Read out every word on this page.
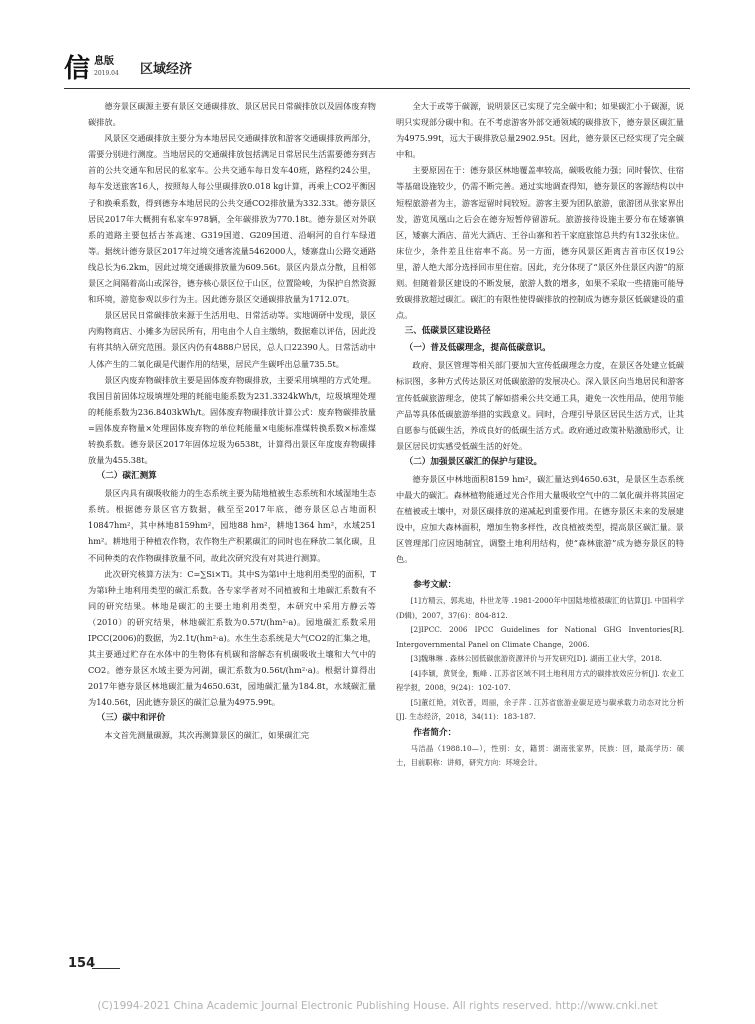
信 息版
2019.04 区域经济

德夯景区碳源主要有景区交通碳排放、景区居民日常碳排放以及固体废弃物碳排放。

风景区交通碳排放主要分为本地居民交通碳排放和游客交通碳排放两部分，需要分别进行测度。当地居民的交通碳排放包括满足日常居民生活需要德夯到吉首的公共交通车和居民的私家车。公共交通车每日发车40班，路程约24公里，每车发送旅客16人，按照每人每公里碳排放0.018 kg计算，再乘上CO2平衡因子和换乘系数，得到德夯本地居民的公共交通CO2排放量为332.33t。德夯景区居民2017年大概拥有私家车978辆，全年碳排放为770.18t。德夯景区对外联系的道路主要包括古茶高速、G319国道、G209国道、沿峒河的自行车绿道等。据统计德夯景区2017年过境交通客流量5462000人，矮寨盘山公路交通路线总长为6.2km，因此过境交通碳排放量为609.56t。景区内景点分散，且相邻景区之间隔着高山或深谷，德夯核心景区位于山区，位置险峻，为保护自然资源和环境，游览参观以步行为主。因此德夯景区交通碳排放量为1712.07t。

景区居民日常碳排放来源于生活用电、日常活动等。实地调研中发现，景区内购物商店、小摊多为居民所有，用电由个人自主缴纳，数据难以评估，因此没有将其纳入研究范围。景区内仍有4888户居民，总人口22390人。日常活动中人体产生的二氧化碳是代谢作用的结果，居民产生碳呼出总量735.5t。

景区内废弃物碳排放主要是固体废弃物碳排放，主要采用填埋的方式处理。我国目前固体垃圾填埋处理的耗能电能系数为231.3324kWh/t，垃圾填埋处理的耗能系数为236.8403kWh/t。固体废弃物碳排放计算公式：废弃物碳排放量=固体废弃物量×处理固体废弃物的单位耗能量×电能标准煤转换系数×标准煤转换系数。德夯景区2017年固体垃圾为6538t，计算得出景区年度废弃物碳排放量为455.38t。

（二）碳汇测算

景区内具有碳吸收能力的生态系统主要为陆地植被生态系统和水域湿地生态系统。根据德夯景区官方数据，截至至2017年底，德夯景区总占地面积10847hm²，其中林地8159hm²，园地88 hm²，耕地1364 hm²，水域251 hm²。耕地用于种植农作物，农作物生产积累碳汇的同时也在释放二氧化碳，且不同种类的农作物碳排放量不同，故此次研究没有对其进行测算。

此次研究核算方法为：C=∑Si×Ti。其中S为第i中土地利用类型的面积，T为第i种土地利用类型的碳汇系数。各专家学者对不同植被和土地碳汇系数有不同的研究结果。林地是碳汇的主要土地利用类型，本研究中采用方静云等（2010）的研究结果，林地碳汇系数为0.57t/(hm²·a)。园地碳汇系数采用IPCC(2006)的数据，为2.1t/(hm²·a)。水生生态系统是大气CO2的汇集之地，其主要通过贮存在水体中的生物体有机碳和溶解态有机碳吸收土壤和大气中的CO2。德夯景区水域主要为河湖，碳汇系数为0.56t/(hm²·a)。根据计算得出2017年德夯景区林地碳汇量为4650.63t，园地碳汇量为184.8t，水域碳汇量为140.56t，因此德夯景区的碳汇总量为4975.99t。

（三）碳中和评价

本文首先测量碳源，其次再测算景区的碳汇，如果碳汇完

全大于或等于碳源，说明景区已实现了完全碳中和；如果碳汇小于碳源，说明只实现部分碳中和。在不考虑游客外部交通领域的碳排放下，德夯景区碳汇量为4975.99t，远大于碳排放总量2902.95t。因此，德夯景区已经实现了完全碳中和。

主要原因在于：德夯景区林地覆盖率较高，碳吸收能力强；同时餐饮、住宿等基础设施较少，仍需不断完善。通过实地调查得知，德夯景区的客源结构以中短程旅游者为主，游客逗留时间较短。游客主要为团队旅游，旅游团从张家界出发，游览凤凰山之后会在德夯短暂停留游玩。旅游接待设施主要分布在矮寨镇区，矮寨大酒店、苗光大酒店、王谷山寨和若干家庭旅馆总共约有132张床位。床位少，条件差且住宿率不高。另一方面，德夯风景区距离吉首市区仅19公里，游人绝大部分选择回市里住宿。因此，充分体现了“景区外住景区内游”的原则。但随着景区建设的不断发展，旅游人数的增多，如果不采取一些措施可能导致碳排放超过碳汇。碳汇的有限性使得碳排放的控制成为德夯景区低碳建设的重点。

三、低碳景区建设路径
（一）普及低碳理念，提高低碳意识。

政府、景区管理等相关部门要加大宣传低碳理念力度，在景区各处建立低碳标识图，多种方式传达景区对低碳旅游的发展决心。深入景区向当地居民和游客宣传低碳旅游理念，使其了解如搭乘公共交通工具，避免一次性用品，使用节能产品等具体低碳旅游举措的实践意义。同时，合理引导景区居民生活方式，让其自愿参与低碳生活，养成良好的低碳生活方式。政府通过政策补贴激励形式，让景区居民切实感受低碳生活的好处。

（二）加强景区碳汇的保护与建设。

德夯景区中林地面积8159 hm²，碳汇量达到4650.63t，是景区生态系统中最大的碳汇。森林植物能通过光合作用大量吸收空气中的二氧化碳并将其固定在植被或土壤中，对景区碳排放的递减起到重要作用。在德夯景区未来的发展建设中，应加大森林面积，增加生物多样性，改良植被类型，提高景区碳汇量。景区管理部门应因地制宜，调整土地利用结构，使“森林旅游”成为德夯景区的特色。

参考文献：

[1]方精云，郭兆迪，朴世龙等 .1981-2000年中国陆地植被碳汇的估算[J]. 中国科学(D辑)，2007，37(6)：804-812.

[2]IPCC. 2006 IPCC Guidelines for National GHG Inventories[R]. Intergovernmental Panel on Climate Change，2006.

[3]魏琳琳 . 森林公园低碳旅游资源评价与开发研究[D]. 湖南工业大学，2018.

[4]李颖，黄贤金，甄峰 . 江苏省区域不同土地利用方式的碳排放效应分析[J]. 农业工程学报，2008，9(24)：102-107.

[5]董红艳，刘钦普，周丽，余子萍 . 江苏省旅游业碳足迹与碳承载力动态对比分析[J]. 生态经济，2018，34(11)：183-187.

作者简介：

马洁晶（1988.10—），性别：女，籍贯：湖南张家界，民族：回，最高学历：硕士，目前职称：讲师，研究方向：环境会计。

154
(C)1994-2021 China Academic Journal Electronic Publishing House. All rights reserved. http://www.cnki.net
